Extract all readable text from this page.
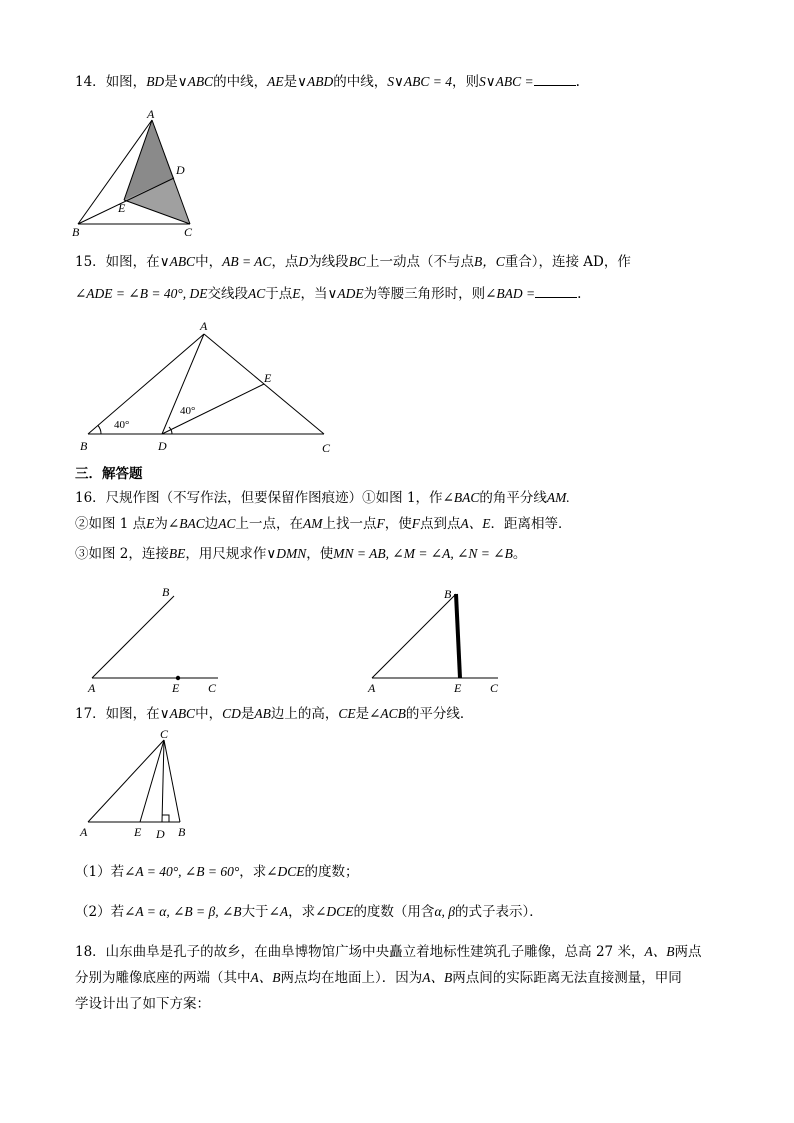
14．如图，BD是∨ABC的中线，AE是∨ABD的中线，S∨ABC = 4，则S∨ABC =	.
A
D
E
B	C
15．如图，在∨ABC中，AB = AC，点D为线段BC上一动点（不与点B，C重合），连接 AD，作
∠ADE = ∠B = 40°, DE交线段AC于点E，当∨ADE为等腰三角形时，则∠BAD =	.
A
E
B	D	C
40°
40°
三．解答题
16．尺规作图（不写作法，但要保留作图痕迹）①如图 1，作∠BAC的角平分线AM.
②如图 1 点E为∠BAC边AC上一点，在AM上找一点F，使F点到点A、E．距离相等．
③如图 2，连接BE，用尺规求作∨DMN，使MN = AB, ∠M = ∠A, ∠N = ∠B。
B
A	E C
B
A	E C
17．如图，在∨ABC中，CD是AB边上的高，CE是∠ACB的平分线．
C
A	E D B
（1）若∠A = 40°, ∠B = 60°，求∠DCE的度数；
（2）若∠A = α, ∠B = β, ∠B大于∠A，求∠DCE的度数（用含α, β的式子表示）．
18．山东曲阜是孔子的故乡，在曲阜博物馆广场中央矗立着地标性建筑孔子雕像，总高 27 米，A、B两点
分别为雕像底座的两端（其中A、B两点均在地面上）．因为A、B两点间的实际距离无法直接测量，甲同
学设计出了如下方案：
